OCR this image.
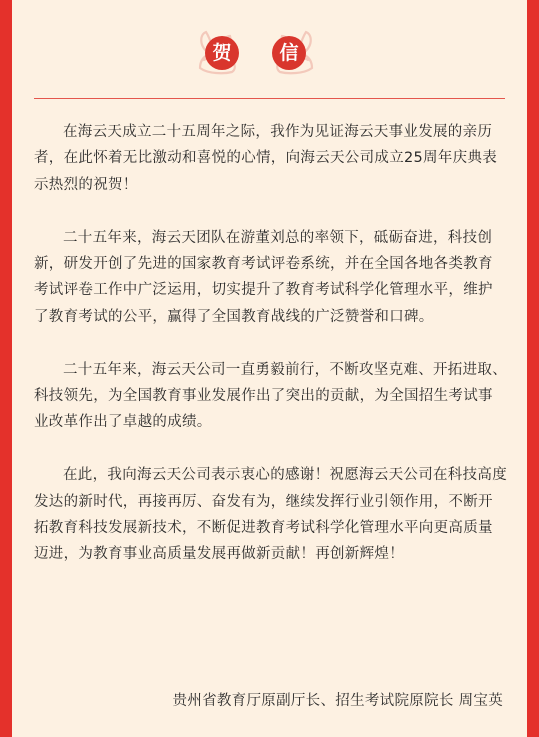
贺	信

在海云天成立二十五周年之际，我作为见证海云天事业发展的亲历者，在此怀着无比激动和喜悦的心情，向海云天公司成立25周年庆典表示热烈的祝贺！

二十五年来，海云天团队在游董刘总的率领下，砥砺奋进，科技创新，研发开创了先进的国家教育考试评卷系统，并在全国各地各类教育考试评卷工作中广泛运用，切实提升了教育考试科学化管理水平，维护了教育考试的公平，赢得了全国教育战线的广泛赞誉和口碑。

二十五年来，海云天公司一直勇毅前行，不断攻坚克难、开拓进取、科技领先，为全国教育事业发展作出了突出的贡献，为全国招生考试事业改革作出了卓越的成绩。

在此，我向海云天公司表示衷心的感谢！祝愿海云天公司在科技高度发达的新时代，再接再厉、奋发有为，继续发挥行业引领作用，不断开拓教育科技发展新技术，不断促进教育考试科学化管理水平向更高质量迈进，为教育事业高质量发展再做新贡献！再创新辉煌！

贵州省教育厅原副厅长、招生考试院原院长 周宝英
